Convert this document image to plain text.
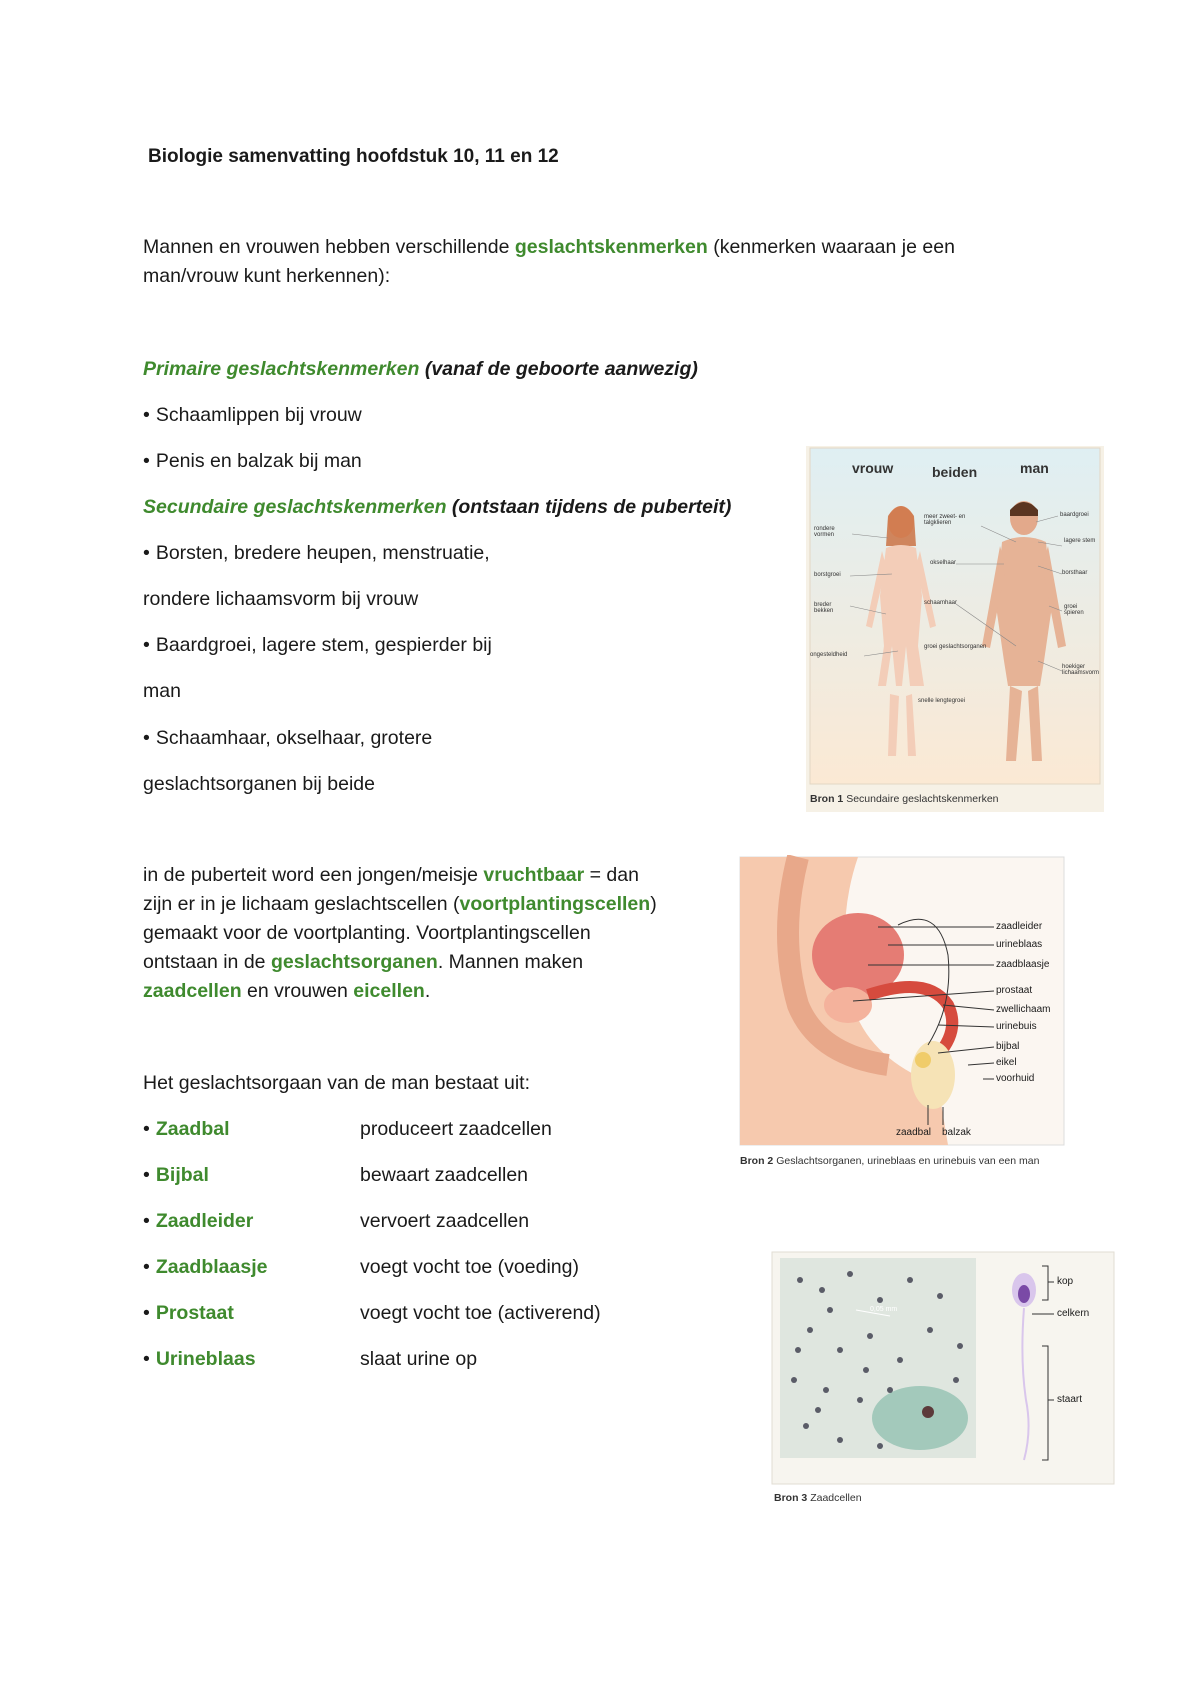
Biologie samenvatting hoofdstuk 10, 11 en 12
Mannen en vrouwen hebben verschillende geslachtskenmerken (kenmerken waaraan je een
man/vrouw kunt herkennen):
Primaire geslachtskenmerken (vanaf de geboorte aanwezig)
• Schaamlippen bij vrouw
• Penis en balzak bij man
Secundaire geslachtskenmerken (ontstaan tijdens de puberteit)
• Borsten, bredere heupen, menstruatie,
rondere lichaamsvorm bij vrouw
• Baardgroei, lagere stem, gespierder bij
man
• Schaamhaar, okselhaar, grotere
geslachtsorganen bij beide
in de puberteit word een jongen/meisje vruchtbaar = dan
zijn er in je lichaam geslachtscellen (voortplantingscellen)
gemaakt voor de voortplanting. Voortplantingscellen
ontstaan in de geslachtsorganen. Mannen maken
zaadcellen en vrouwen eicellen.
Het geslachtsorgaan van de man bestaat uit:
• Zaadbal	produceert zaadcellen
• Bijbal	bewaart zaadcellen
• Zaadleider	vervoert zaadcellen
• Zaadblaasje	voegt vocht toe (voeding)
• Prostaat	voegt vocht toe (activerend)
• Urineblaas	slaat urine op
vrouw	beiden	man
rondere vormen
borstgroei
breder bekken
ongesteldheid
meer zweet- en talgklieren
okselhaar
schaamhaar
groei geslachtsorganen
snelle lengtegroei
baardgroei
lagere stem
borsthaar
groei spieren
hoekiger lichaamsvorm
Bron 1 Secundaire geslachtskenmerken
zaadleider
urineblaas
zaadblaasje
prostaat
zwellichaam
urinebuis
bijbal
eikel
voorhuid
zaadbal balzak
Bron 2 Geslachtsorganen, urineblaas en urinebuis van een man
0,05 mm
kop
celkern
staart
Bron 3 Zaadcellen
